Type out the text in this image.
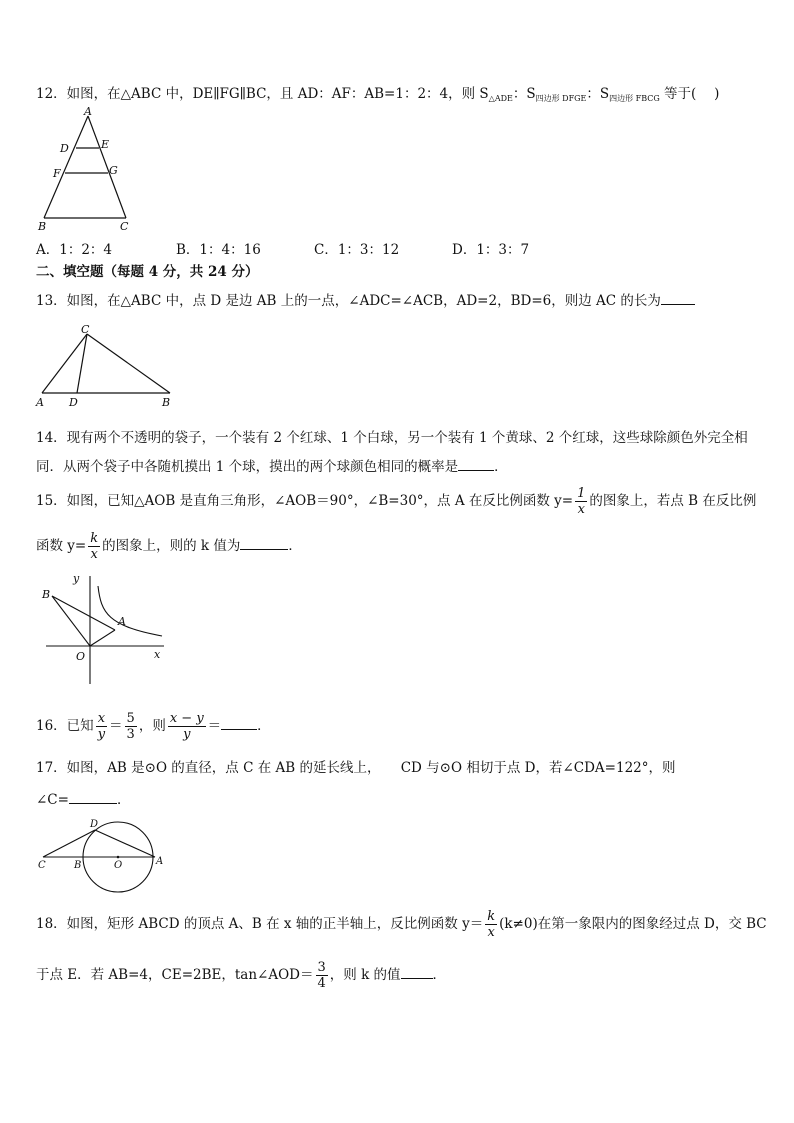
12．如图，在△ABC 中，DE∥FG∥BC，且 AD：AF：AB=1：2：4，则 $S_{\triangle ADE}$：$S_{四边形 DFGE}$：$S_{四边形 FBCG}$ 等于(　 )
A
D	E
F	G
B	C
A．1：2：4	B．1：4：16	C．1：3：12	D．1：3：7
二、填空题（每题 4 分，共 24 分）
13．如图，在△ABC 中，点 D 是边 AB 上的一点，∠ADC=∠ACB，AD=2，BD=6，则边 AC 的长为
C
A D	B
14．现有两个不透明的袋子，一个装有 2 个红球、1 个白球，另一个装有 1 个黄球、2 个红球，这些球除颜色外完全相
同．从两个袋子中各随机摸出 1 个球，摸出的两个球颜色相同的概率是	．
15．如图，已知△AOB 是直角三角形，∠AOB＝90°，∠B=30°，点 A 在反比例函数 $y= \frac{1}{x}$ 的图象上，若点 B 在反比例
函数 $y= \frac{k}{x}$ 的图象上，则的 k 值为	．
y
B
A
O	x
16．已知 $\frac{x}{y} = \frac{5}{3}$ ，则 $\frac{x - y}{y}$ ＝	．
17．如图，AB 是⊙O 的直径，点 C 在 AB 的延长线上，　　CD 与⊙O 相切于点 D，若∠CDA=122°，则
∠C=	．
D
C	B	O	A
18．如图，矩形 ABCD 的顶点 A、B 在 x 轴的正半轴上，反比例函数 $y= \frac{k}{x} (k\ne 0)$在第一象限内的图象经过点 D，交 BC
于点 E．若 AB=4，CE=2BE，tan∠AOD＝ $\frac{3}{4}$ ，则 k 的值 ．
